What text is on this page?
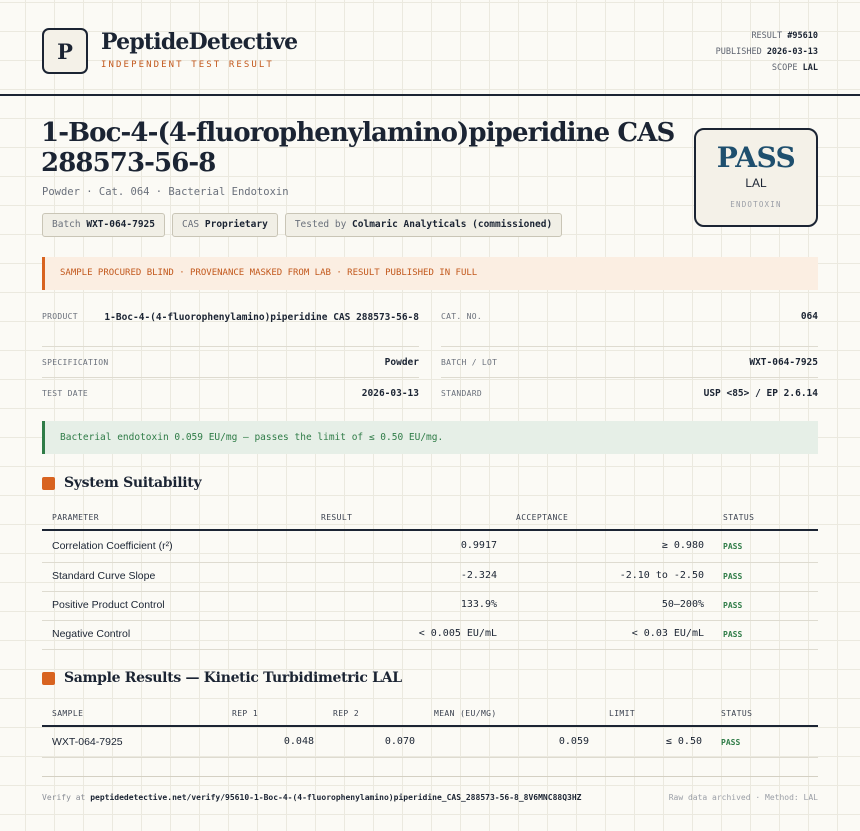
P PeptideDetective
INDEPENDENT TEST RESULT
RESULT #95610
PUBLISHED 2026-03-13
SCOPE LAL
1-Boc-4-(4-fluorophenylamino)piperidine CAS 288573-56-8
Powder · Cat. 064 · Bacterial Endotoxin
Batch WXT-064-7925	CAS Proprietary	Tested by Colmaric Analyticals (commissioned)
PASS
LAL
ENDOTOXIN
SAMPLE PROCURED BLIND · PROVENANCE MASKED FROM LAB · RESULT PUBLISHED IN FULL
PRODUCT	1-Boc-4-(4-fluorophenylamino)piperidine CAS 288573-56-8	CAT. NO.	064
SPECIFICATION	Powder	BATCH / LOT	WXT-064-7925
TEST DATE	2026-03-13	STANDARD	USP <85> / EP 2.6.14
Bacterial endotoxin 0.059 EU/mg — passes the limit of ≤ 0.50 EU/mg.
System Suitability
PARAMETER	RESULT	ACCEPTANCE	STATUS
Correlation Coefficient (r²)	0.9917	≥ 0.980 PASS
Standard Curve Slope	-2.324	-2.10 to -2.50 PASS
Positive Product Control	133.9%	50–200% PASS
Negative Control	< 0.005 EU/mL	< 0.03 EU/mL PASS
Sample Results — Kinetic Turbidimetric LAL
SAMPLE	REP 1	REP 2	MEAN (EU/MG)	LIMIT	STATUS
WXT-064-7925	0.048	0.070	0.059	≤ 0.50 PASS
Verify at peptidedetective.net/verify/95610-1-Boc-4-(4-fluorophenylamino)piperidine_CAS_288573-56-8_8V6MNC88Q3HZ	Raw data archived · Method: LAL
